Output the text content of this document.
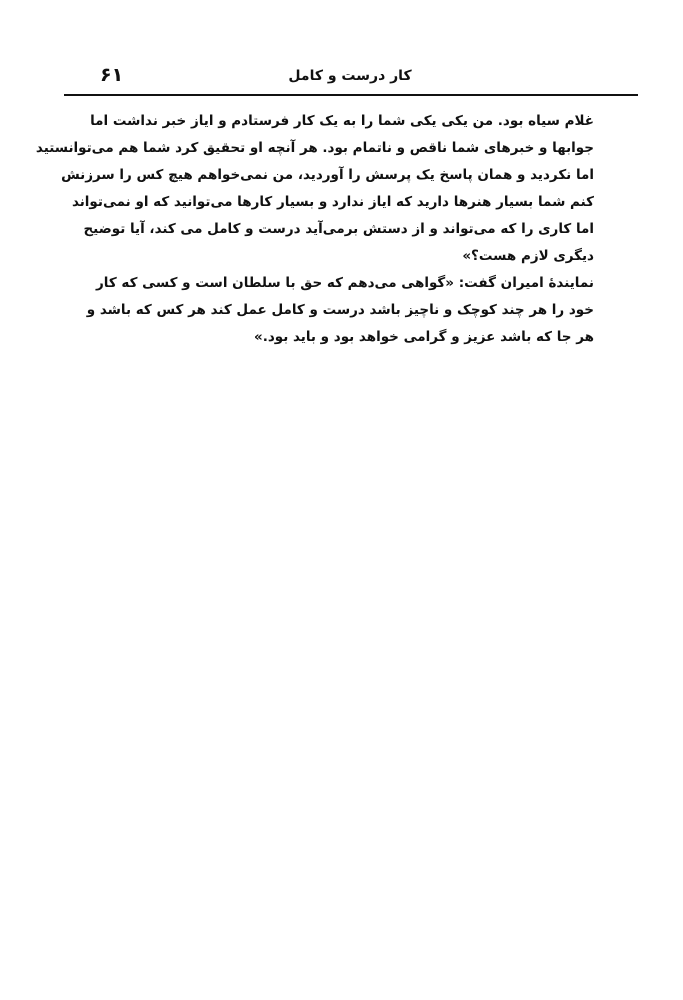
کار درست و کامل
۶۱
غلام سیاه بود. من یکی یکی شما را به یک کار فرستادم و ایاز خبر نداشت اما
جوابها و خبرهای شما ناقص و ناتمام بود. هر آنچه او تحقیق کرد شما هم می‌توانستید
اما نکردید و همان پاسخ یک پرسش را آوردید، من نمی‌خواهم هیچ کس را سرزنش
کنم شما بسیار هنرها دارید که ایاز ندارد و بسیار کارها می‌توانید که او نمی‌تواند
اما کاری را که می‌تواند و از دستش برمی‌آید درست و کامل می کند، آیا توضیح
دیگری لازم هست؟»
نمایندهٔ امیران گفت: «گواهی می‌دهم که حق با سلطان است و کسی که کار
خود را هر چند کوچک و ناچیز باشد درست و کامل عمل کند هر کس که باشد و
هر جا که باشد عزیز و گرامی خواهد بود و باید بود.»
